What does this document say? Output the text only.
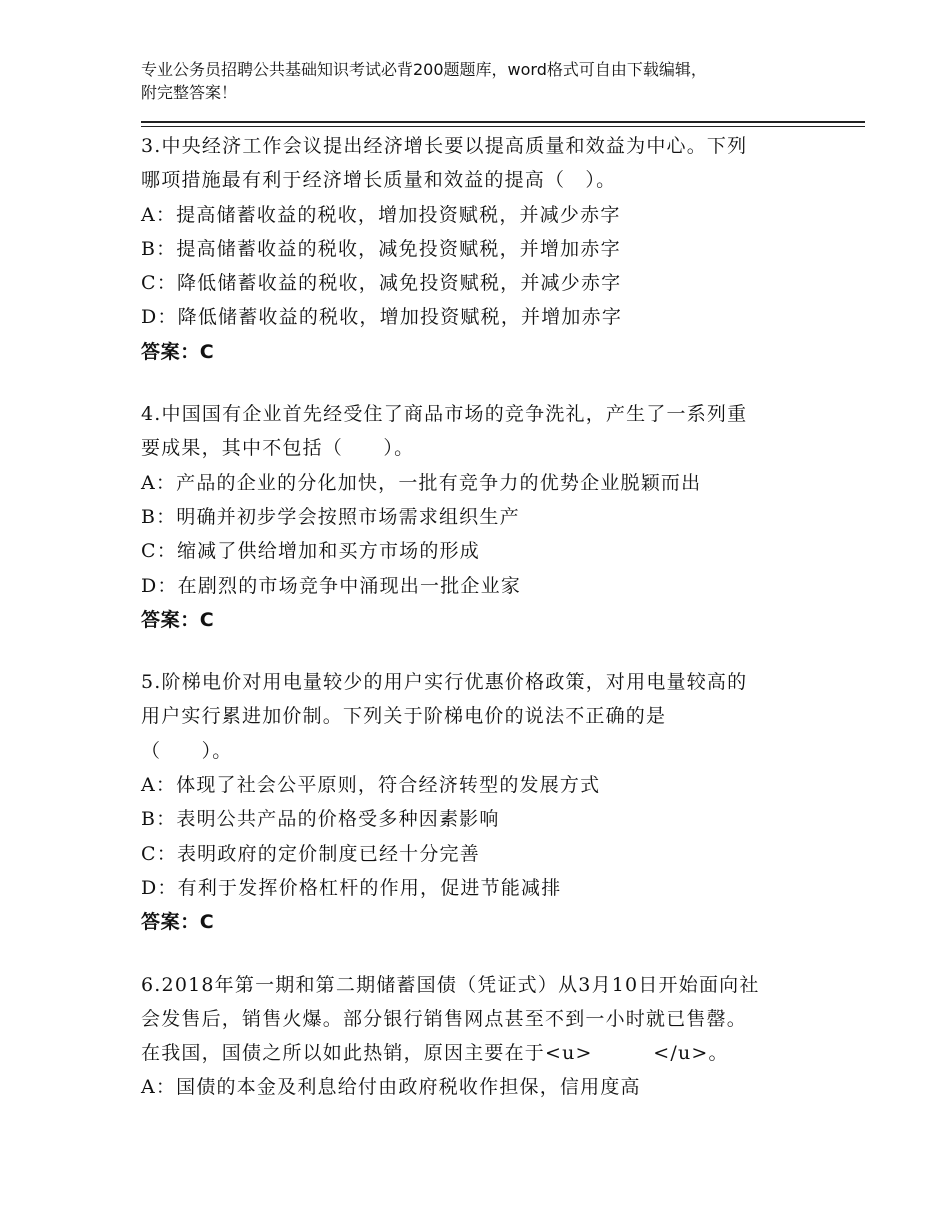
专业公务员招聘公共基础知识考试必背200题题库，word格式可自由下载编辑，
附完整答案！
3.中央经济工作会议提出经济增长要以提高质量和效益为中心。下列
哪项措施最有利于经济增长质量和效益的提高（　）。
A：提高储蓄收益的税收，增加投资赋税，并减少赤字
B：提高储蓄收益的税收，减免投资赋税，并增加赤字
C：降低储蓄收益的税收，减免投资赋税，并减少赤字
D：降低储蓄收益的税收，增加投资赋税，并增加赤字
答案：C
4.中国国有企业首先经受住了商品市场的竞争洗礼，产生了一系列重
要成果，其中不包括（　　）。
A：产品的企业的分化加快，一批有竞争力的优势企业脱颖而出
B：明确并初步学会按照市场需求组织生产
C：缩减了供给增加和买方市场的形成
D：在剧烈的市场竞争中涌现出一批企业家
答案：C
5.阶梯电价对用电量较少的用户实行优惠价格政策，对用电量较高的
用户实行累进加价制。下列关于阶梯电价的说法不正确的是
（　　）。
A：体现了社会公平原则，符合经济转型的发展方式
B：表明公共产品的价格受多种因素影响
C：表明政府的定价制度已经十分完善
D：有利于发挥价格杠杆的作用，促进节能减排
答案：C
6.2018年第一期和第二期储蓄国债（凭证式）从3月10日开始面向社
会发售后，销售火爆。部分银行销售网点甚至不到一小时就已售罄。
在我国，国债之所以如此热销，原因主要在于<u>　　　</u>。
A：国债的本金及利息给付由政府税收作担保，信用度高
